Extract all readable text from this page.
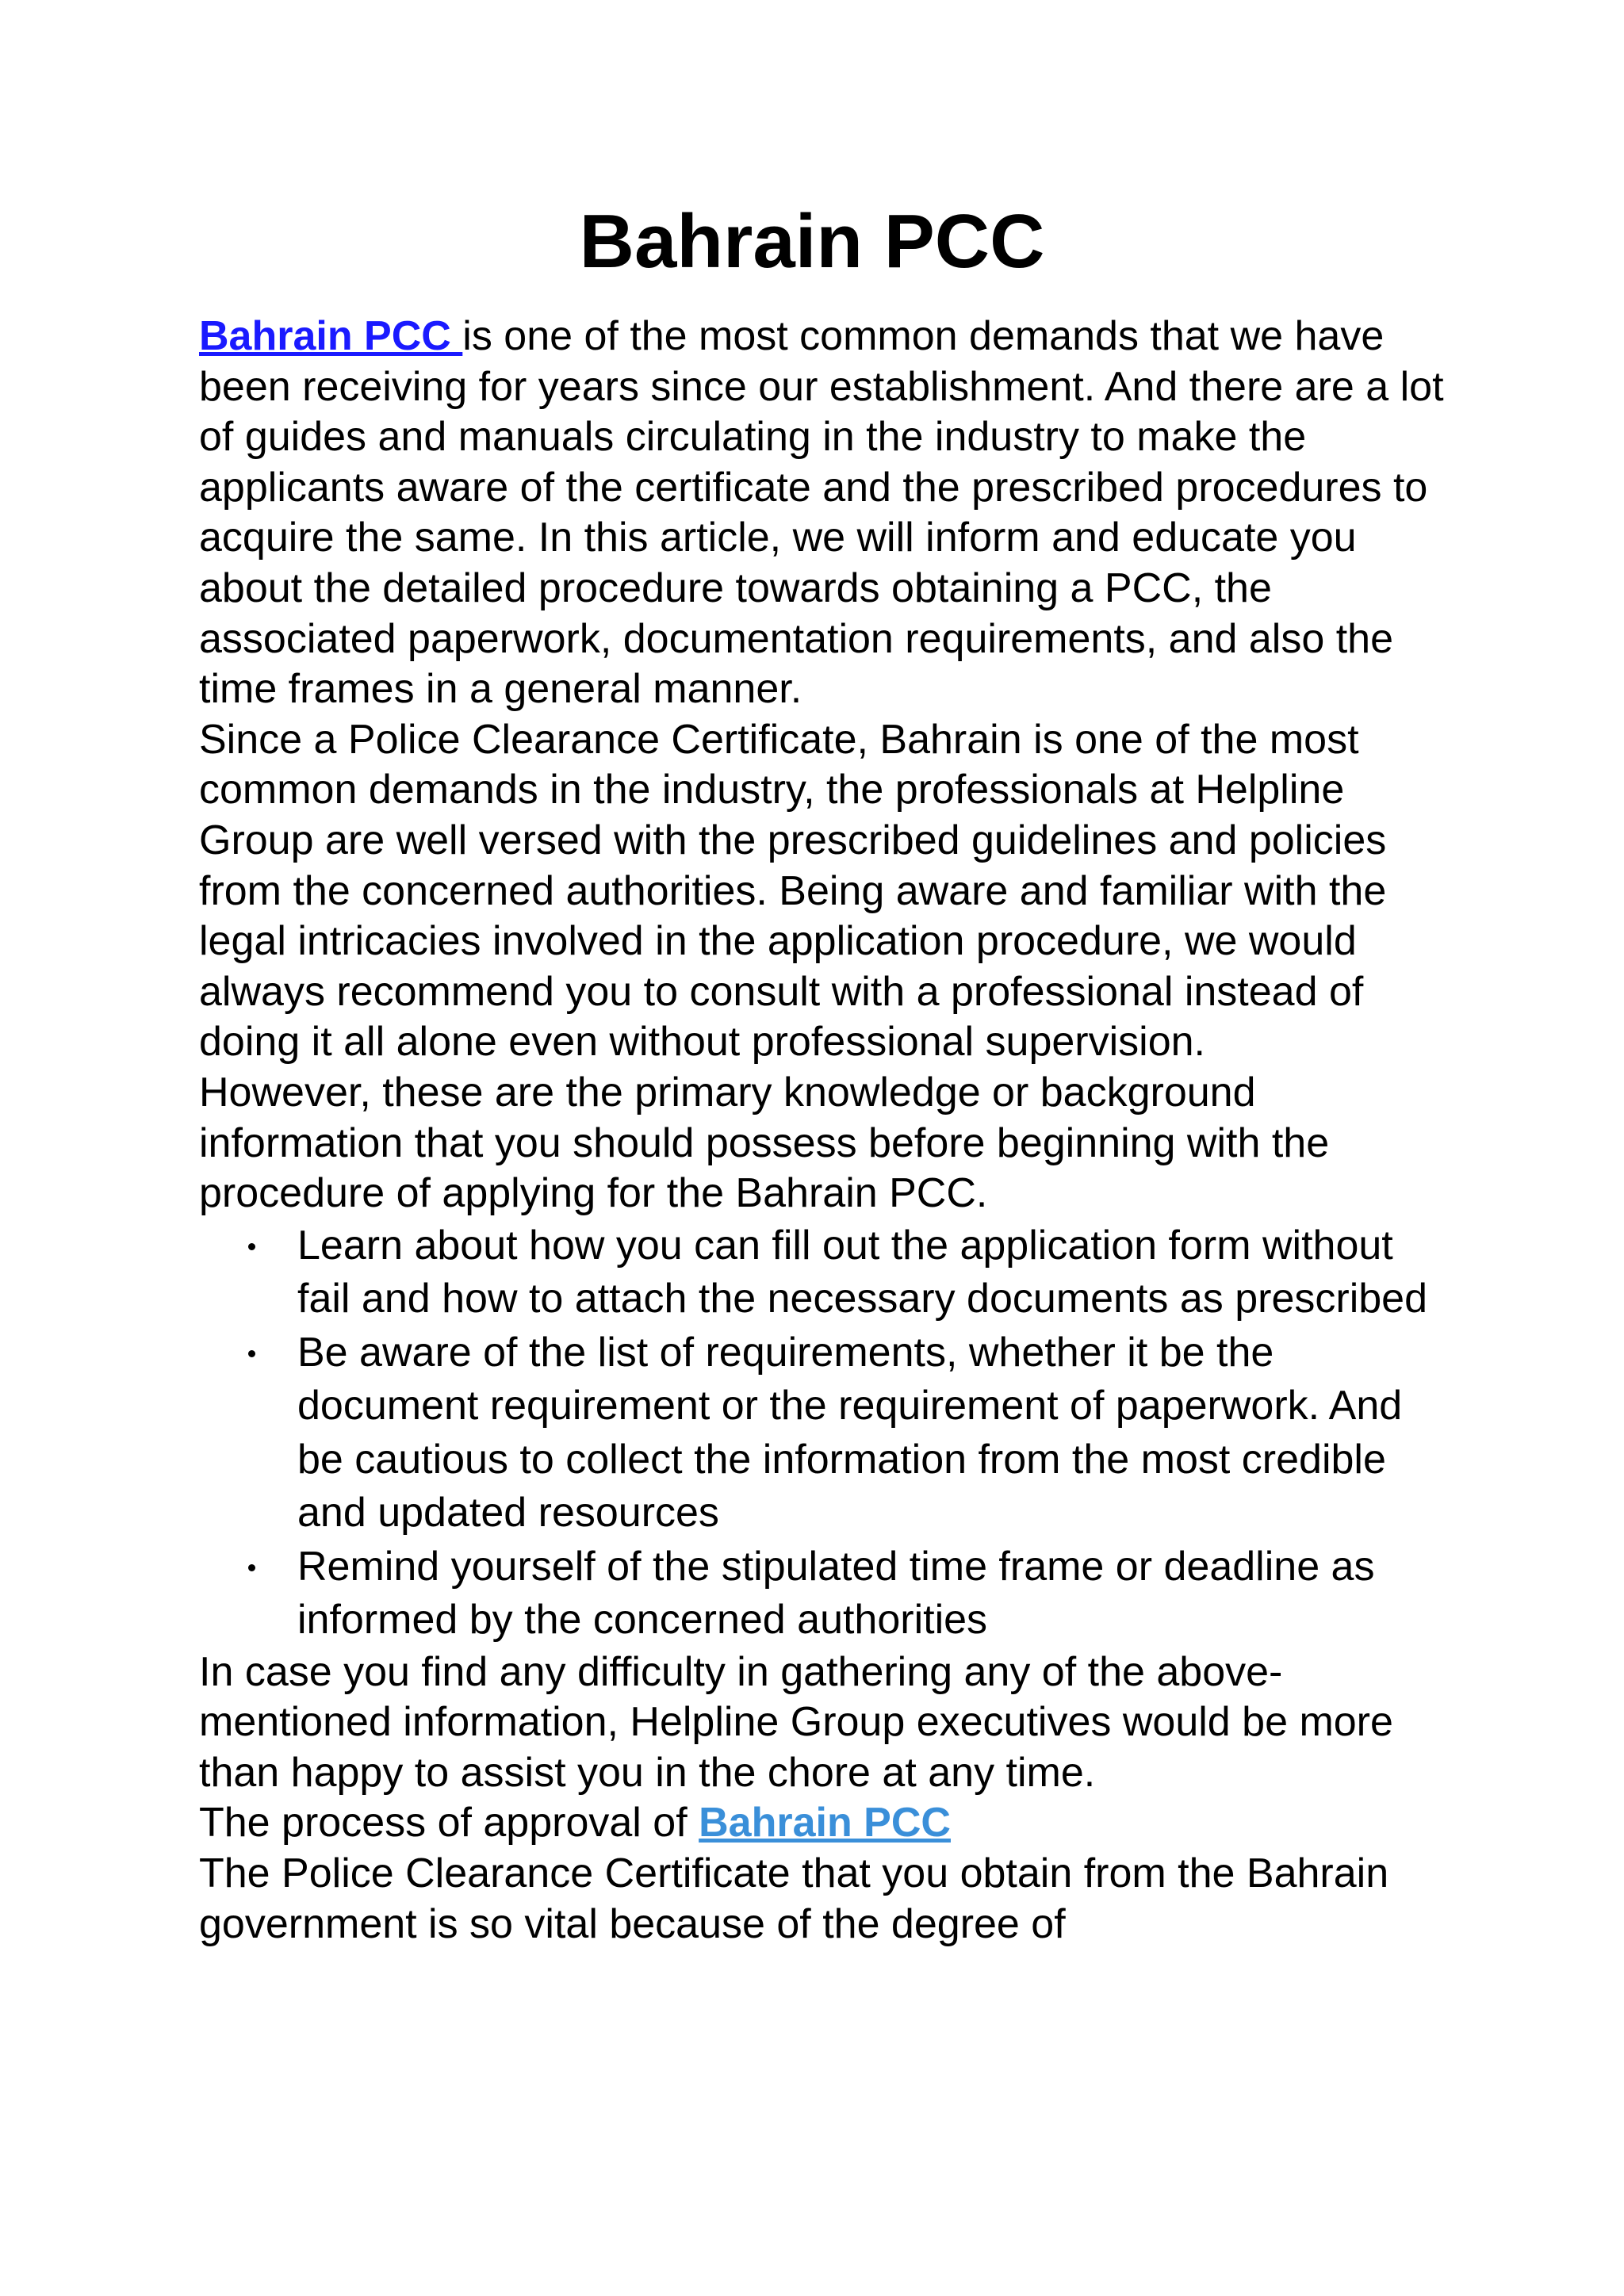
Bahrain PCC

Bahrain PCC is one of the most common demands that we have been receiving for years since our establishment. And there are a lot of guides and manuals circulating in the industry to make the applicants aware of the certificate and the prescribed procedures to acquire the same. In this article, we will inform and educate you about the detailed procedure towards obtaining a PCC, the associated paperwork, documentation requirements, and also the time frames in a general manner.

Since a Police Clearance Certificate, Bahrain is one of the most common demands in the industry, the professionals at Helpline Group are well versed with the prescribed guidelines and policies from the concerned authorities. Being aware and familiar with the legal intricacies involved in the application procedure, we would always recommend you to consult with a professional instead of doing it all alone even without professional supervision.

However, these are the primary knowledge or background information that you should possess before beginning with the procedure of applying for the Bahrain PCC.

Learn about how you can fill out the application form without fail and how to attach the necessary documents as prescribed
Be aware of the list of requirements, whether it be the document requirement or the requirement of paperwork. And be cautious to collect the information from the most credible and updated resources
Remind yourself of the stipulated time frame or deadline as informed by the concerned authorities

In case you find any difficulty in gathering any of the above-mentioned information, Helpline Group executives would be more than happy to assist you in the chore at any time.

The process of approval of Bahrain PCC

The Police Clearance Certificate that you obtain from the Bahrain government is so vital because of the degree of
